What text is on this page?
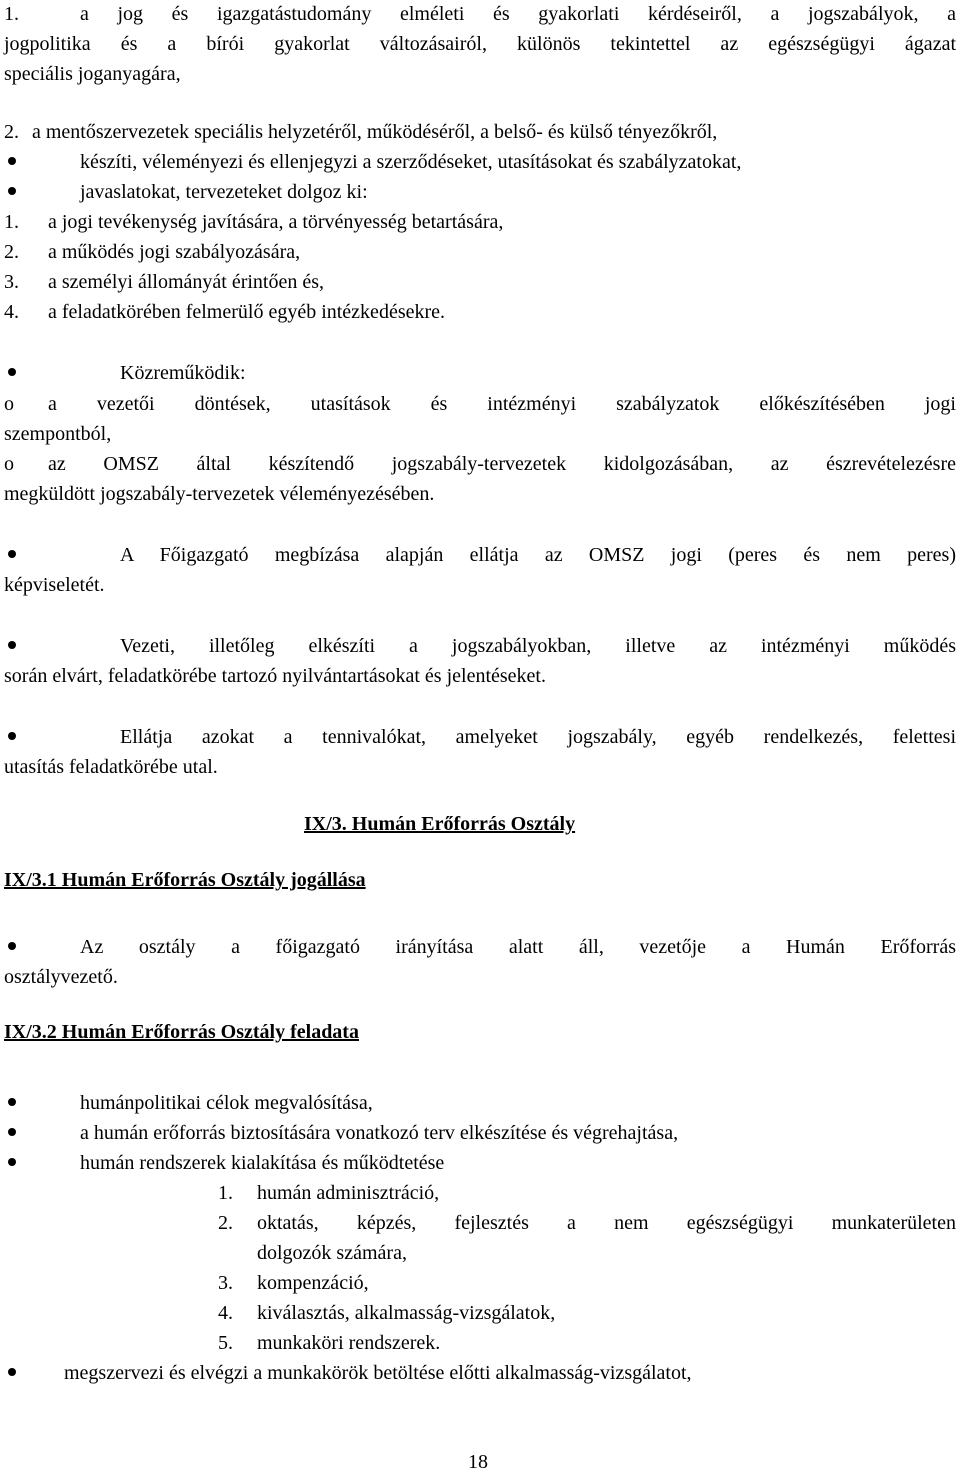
1.	a jog és igazgatástudomány elméleti és gyakorlati kérdéseiről, a jogszabályok, a
jogpolitika és a bírói gyakorlat változásairól, különös tekintettel az egészségügyi ágazat
speciális joganyagára,
2. a mentőszervezetek speciális helyzetéről, működéséről, a belső- és külső tényezőkről,
készíti, véleményezi és ellenjegyzi a szerződéseket, utasításokat és szabályzatokat,
javaslatokat, tervezeteket dolgoz ki:
1. a jogi tevékenység javítására, a törvényesség betartására,
2. a működés jogi szabályozására,
3. a személyi állományát érintően és,
4. a feladatkörében felmerülő egyéb intézkedésekre.
Közreműködik:
o a vezetői döntések, utasítások és intézményi szabályzatok előkészítésében jogi
szempontból,
o az OMSZ által készítendő jogszabály-tervezetek kidolgozásában, az észrevételezésre
megküldött jogszabály-tervezetek véleményezésében.
A Főigazgató megbízása alapján ellátja az OMSZ jogi (peres és nem peres)
képviseletét.
Vezeti, illetőleg elkészíti a jogszabályokban, illetve az intézményi működés
során elvárt, feladatkörébe tartozó nyilvántartásokat és jelentéseket.
Ellátja azokat a tennivalókat, amelyeket jogszabály, egyéb rendelkezés, felettesi
utasítás feladatkörébe utal.
IX/3. Humán Erőforrás Osztály
IX/3.1 Humán Erőforrás Osztály jogállása
Az osztály a főigazgató irányítása alatt áll, vezetője a Humán Erőforrás
osztályvezető.
IX/3.2 Humán Erőforrás Osztály feladata
humánpolitikai célok megvalósítása,
a humán erőforrás biztosítására vonatkozó terv elkészítése és végrehajtása,
humán rendszerek kialakítása és működtetése
1. humán adminisztráció,
2. oktatás, képzés, fejlesztés a nem egészségügyi munkaterületen
dolgozók számára,
3. kompenzáció,
4. kiválasztás, alkalmasság-vizsgálatok,
5. munkaköri rendszerek.
megszervezi és elvégzi a munkakörök betöltése előtti alkalmasság-vizsgálatot,
18
